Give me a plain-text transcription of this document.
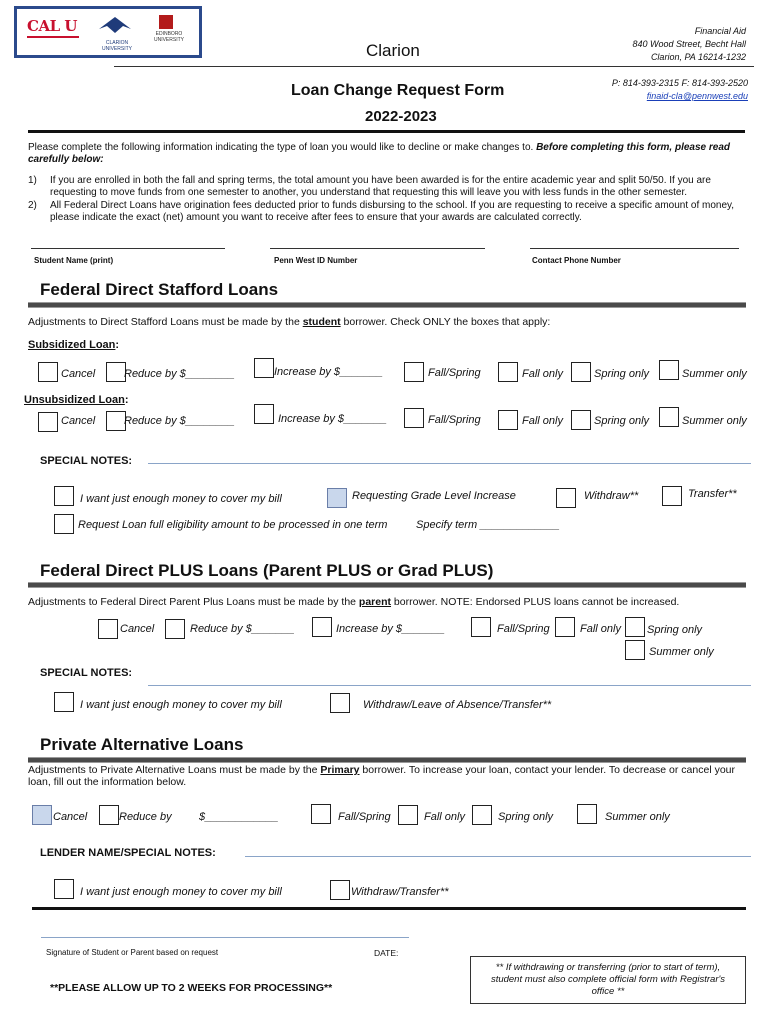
CAL U
CLARION UNIVERSITY
EDINBORO UNIVERSITY
Clarion
Financial Aid
840 Wood Street, Becht Hall
Clarion, PA 16214-1232
P: 814-393-2315 F: 814-393-2520
finaid-cla@pennwest.edu
Loan Change Request Form
2022-2023
Please complete the following information indicating the type of loan you would like to decline or make changes to. Before completing this form, please read carefully below:
1) If you are enrolled in both the fall and spring terms, the total amount you have been awarded is for the entire academic year and split 50/50. If you are requesting to move funds from one semester to another, you understand that requesting this will leave you with less funds in the other semester.
2) All Federal Direct Loans have origination fees deducted prior to funds disbursing to the school. If you are requesting to receive a specific amount of money, please indicate the exact (net) amount you want to receive after fees to ensure that your awards are calculated correctly.
Student Name (print)	Penn West ID Number	Contact Phone Number
Federal Direct Stafford Loans
Adjustments to Direct Stafford Loans must be made by the student borrower. Check ONLY the boxes that apply:
Subsidized Loan:
Cancel	Reduce by $________	Increase by $_______	Fall/Spring	Fall only	Spring only	Summer only
Unsubsidized Loan:
Cancel	Reduce by $________	Increase by $_______	Fall/Spring	Fall only	Spring only	Summer only
SPECIAL NOTES:
I want just enough money to cover my bill	Requesting Grade Level Increase	Withdraw**	Transfer**
Request Loan full eligibility amount to be processed in one term	Specify term _____________
Federal Direct PLUS Loans (Parent PLUS or Grad PLUS)
Adjustments to Federal Direct Parent Plus Loans must be made by the parent borrower. NOTE: Endorsed PLUS loans cannot be increased.
Cancel	Reduce by $_______	Increase by $_______	Fall/Spring	Fall only Spring only
Summer only
SPECIAL NOTES:
I want just enough money to cover my bill	Withdraw/Leave of Absence/Transfer**
Private Alternative Loans
Adjustments to Private Alternative Loans must be made by the Primary borrower. To increase your loan, contact your lender. To decrease or cancel your loan, fill out the information below.
Cancel	Reduce by $____________	Fall/Spring	Fall only	Spring only	Summer only
LENDER NAME/SPECIAL NOTES:
I want just enough money to cover my bill	Withdraw/Transfer**
Signature of Student or Parent based on request	DATE:
**PLEASE ALLOW UP TO 2 WEEKS FOR PROCESSING**
** If withdrawing or transferring (prior to start of term), student must also complete official form with Registrar's office **
